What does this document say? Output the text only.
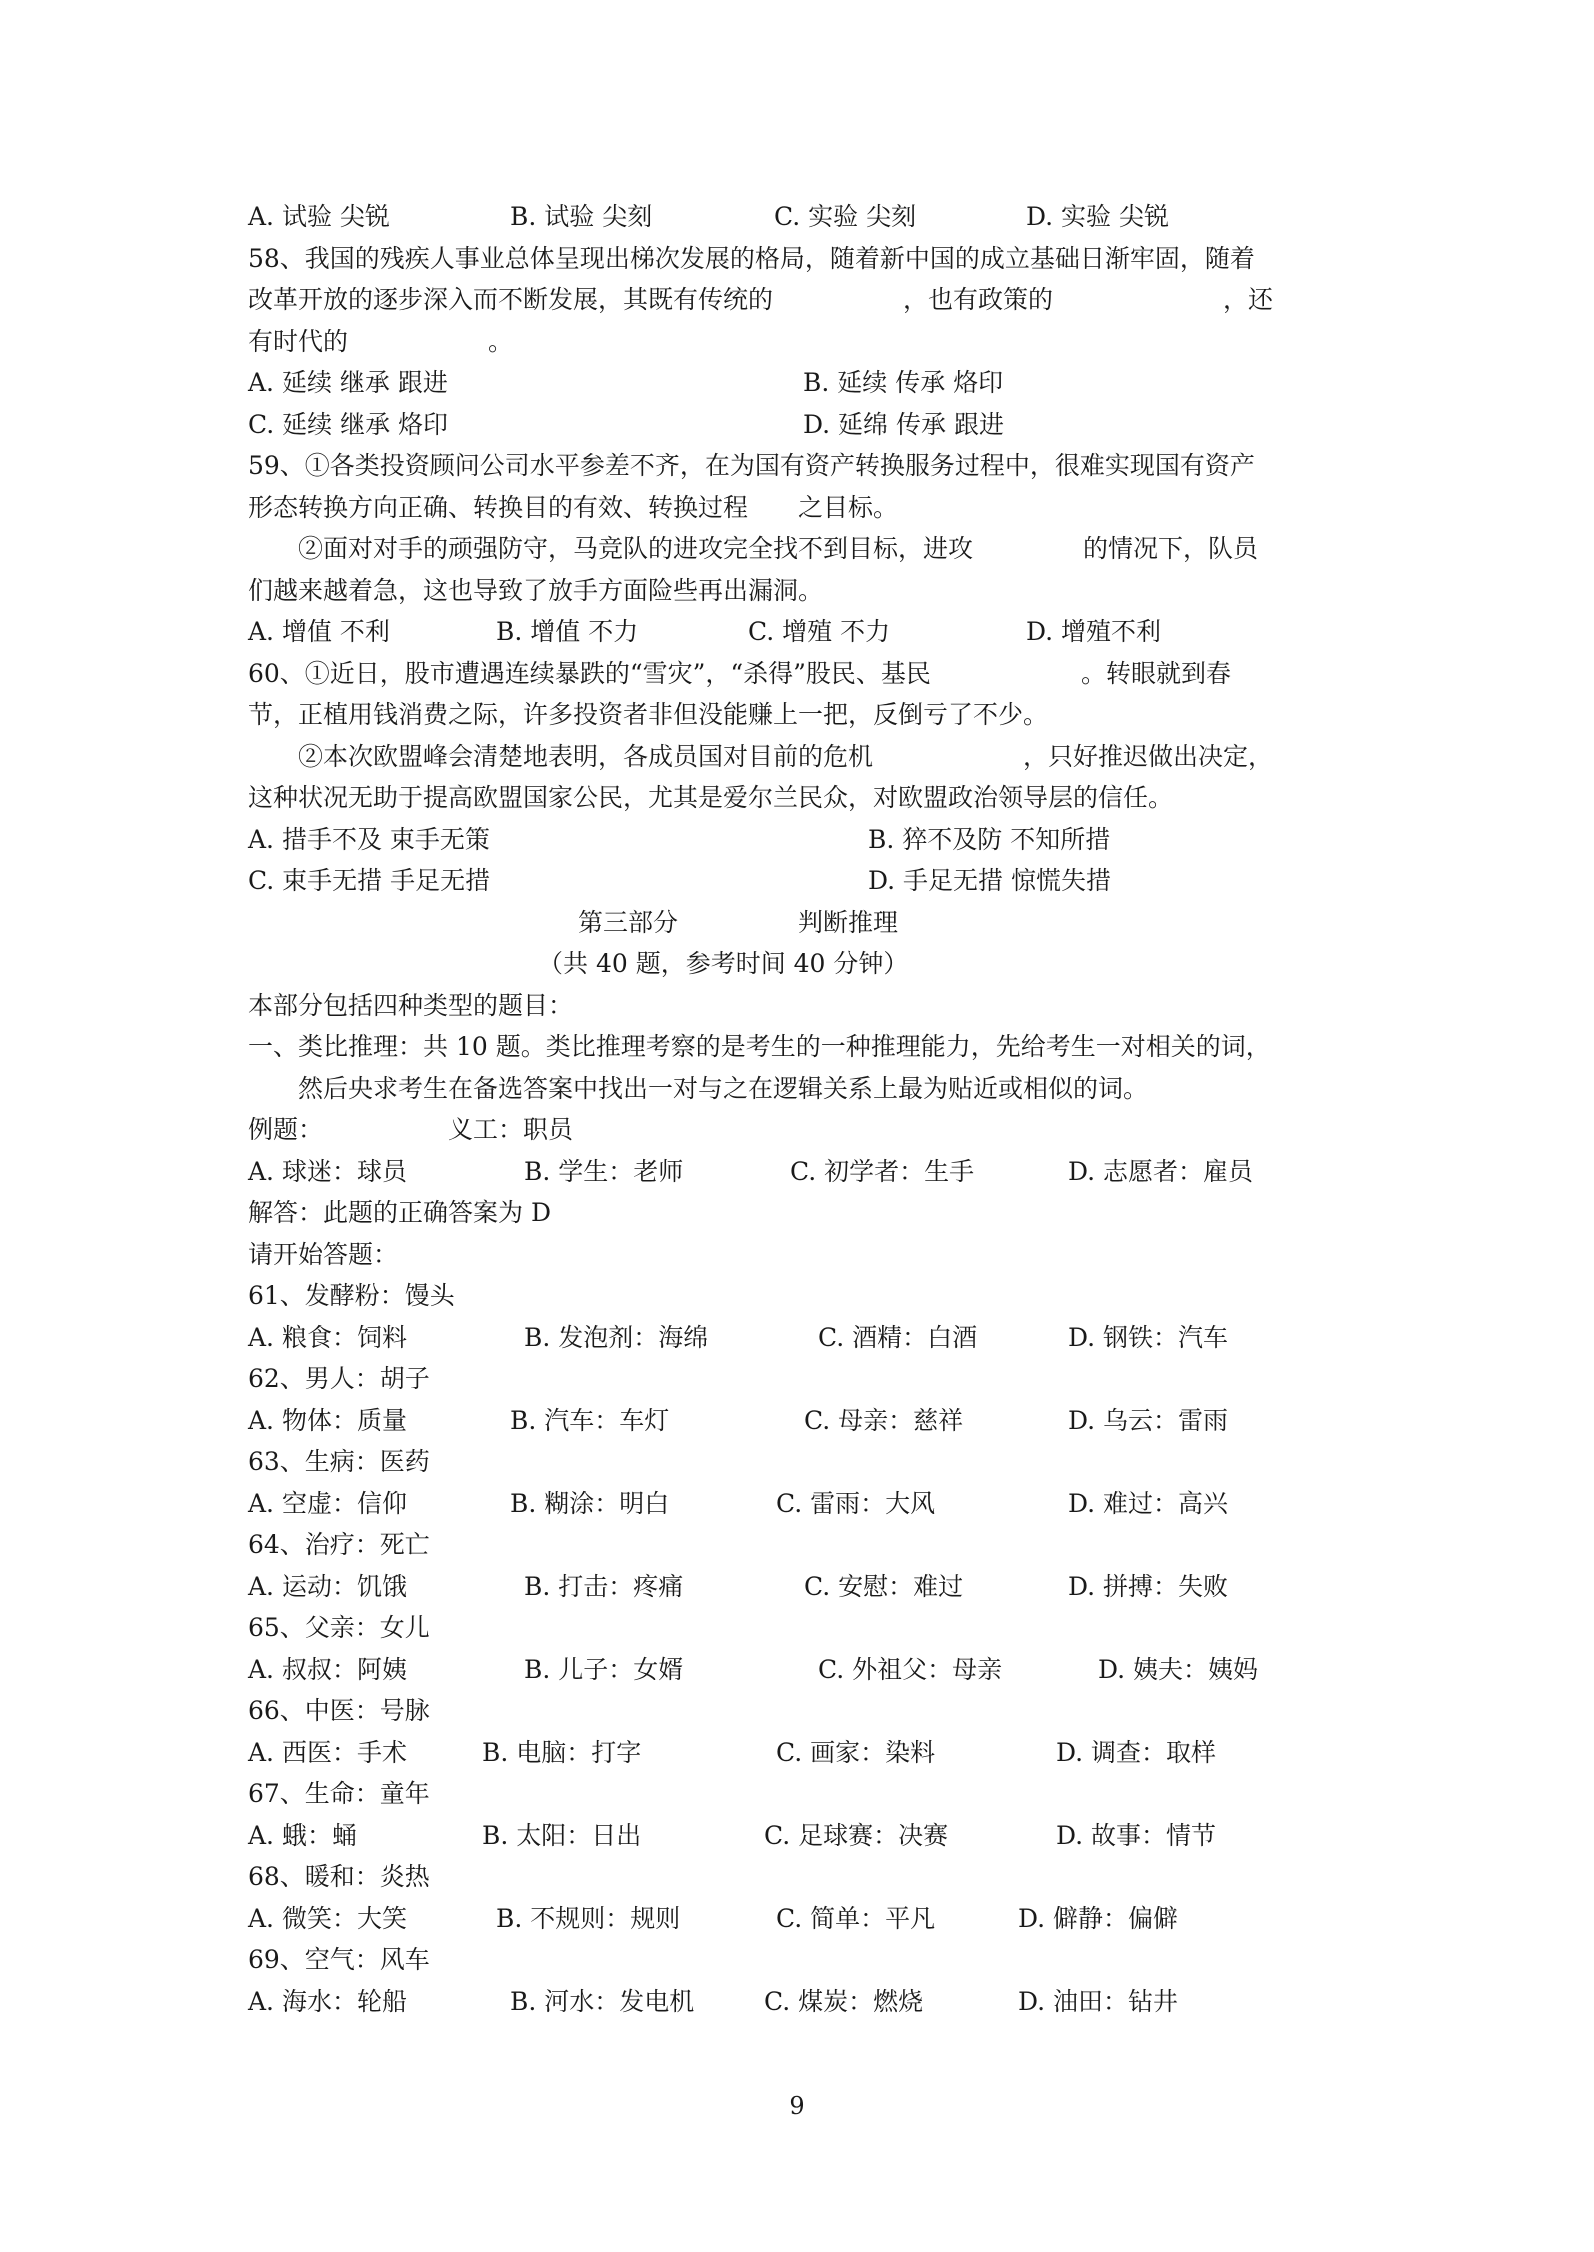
A. 试验 尖锐	B. 试验 尖刻	C. 实验 尖刻	D. 实验 尖锐
58、我国的残疾人事业总体呈现出梯次发展的格局，随着新中国的成立基础日渐牢固，随着
改革开放的逐步深入而不断发展，其既有传统的	，也有政策的	，还
有时代的	。
A. 延续 继承 跟进	B. 延续 传承 烙印
C. 延续 继承 烙印	D. 延绵 传承 跟进
59、①各类投资顾问公司水平参差不齐，在为国有资产转换服务过程中，很难实现国有资产
形态转换方向正确、转换目的有效、转换过程 之目标。
②面对对手的顽强防守，马竞队的进攻完全找不到目标，进攻	的情况下，队员
们越来越着急，这也导致了放手方面险些再出漏洞。
A. 增值 不利	B. 增值 不力	C. 增殖 不力	D. 增殖不利
60、①近日，股市遭遇连续暴跌的“雪灾”，“杀得”股民、基民	。转眼就到春
节，正植用钱消费之际，许多投资者非但没能赚上一把，反倒亏了不少。
②本次欧盟峰会清楚地表明，各成员国对目前的危机	，只好推迟做出决定，
这种状况无助于提高欧盟国家公民，尤其是爱尔兰民众，对欧盟政治领导层的信任。
A. 措手不及 束手无策	B. 猝不及防 不知所措
C. 束手无措 手足无措	D. 手足无措 惊慌失措
第三部分	判断推理
（共 40 题，参考时间 40 分钟）
本部分包括四种类型的题目：
一、类比推理：共 10 题。类比推理考察的是考生的一种推理能力，先给考生一对相关的词，
然后央求考生在备选答案中找出一对与之在逻辑关系上最为贴近或相似的词。
例题：	义工：职员
A. 球迷：球员	B. 学生：老师	C. 初学者：生手	D. 志愿者：雇员
解答：此题的正确答案为 D
请开始答题：
61、发酵粉：馒头
A. 粮食：饲料	B. 发泡剂：海绵	C. 酒精：白酒	D. 钢铁：汽车
62、男人：胡子
A. 物体：质量	B. 汽车：车灯	C. 母亲：慈祥	D. 乌云：雷雨
63、生病：医药
A. 空虚：信仰	B. 糊涂：明白	C. 雷雨：大风	D. 难过：高兴
64、治疗：死亡
A. 运动：饥饿	B. 打击：疼痛	C. 安慰：难过	D. 拼搏：失败
65、父亲：女儿
A. 叔叔：阿姨	B. 儿子：女婿	C. 外祖父：母亲	D. 姨夫：姨妈
66、中医：号脉
A. 西医：手术	B. 电脑：打字	C. 画家：染料	D. 调查：取样
67、生命：童年
A. 蛾：蛹	B. 太阳：日出	C. 足球赛：决赛	D. 故事：情节
68、暖和：炎热
A. 微笑：大笑	B. 不规则：规则	C. 简单：平凡	D. 僻静：偏僻
69、空气：风车
A. 海水：轮船	B. 河水：发电机	C. 煤炭：燃烧	D. 油田：钻井
9
